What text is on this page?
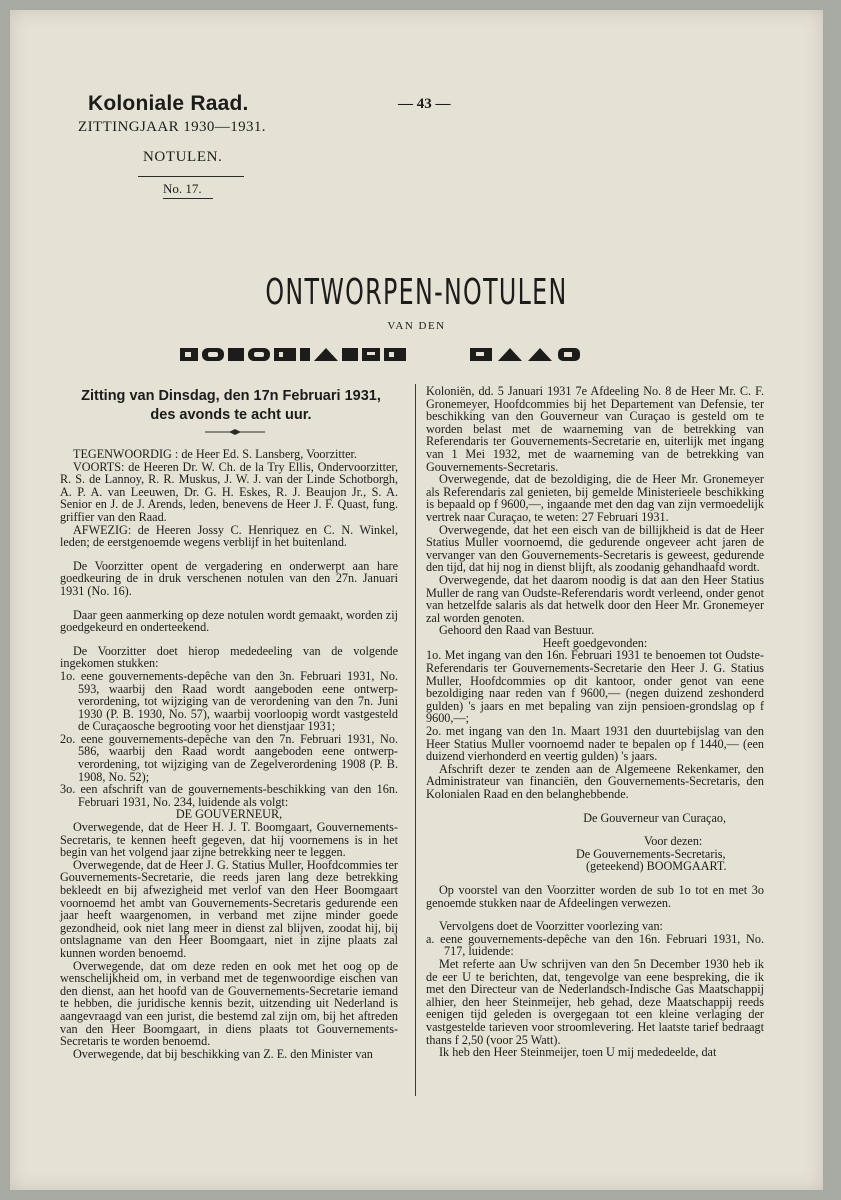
Koloniale Raad.	— 43 —
ZITTINGJAAR 1930—1931.
NOTULEN.
No. 17.
ONTWORPEN-NOTULEN
VAN DEN
Zitting van Dinsdag, den 17n Februari 1931,
des avonds te acht uur.

TEGENWOORDIG : de Heer Ed. S. Lansberg, Voorzitter.

VOORTS: de Heeren Dr. W. Ch. de la Try Ellis, Ondervoorzitter, R. S. de Lannoy, R. R. Muskus, J. W. J. van der Linde Schotborgh, A. P. A. van Leeuwen, Dr. G. H. Eskes, R. J. Beaujon Jr., S. A. Senior en J. de J. Arends, leden, benevens de Heer J. F. Quast, fung. griffier van den Raad.

AFWEZIG: de Heeren Jossy C. Henriquez en C. N. Winkel, leden; de eerstgenoemde wegens verblijf in het buitenland.

De Voorzitter opent de vergadering en onderwerpt aan hare goedkeuring de in druk verschenen notulen van den 27n. Januari 1931 (No. 16).

Daar geen aanmerking op deze notulen wordt gemaakt, worden zij goedgekeurd en onderteekend.

De Voorzitter doet hierop mededeeling van de volgende ingekomen stukken:

1o. eene gouvernements-depêche van den 3n. Februari 1931, No. 593, waarbij den Raad wordt aangeboden eene ontwerp-verordening, tot wijziging van de verordening van den 7n. Juni 1930 (P. B. 1930, No. 57), waarbij voorloopig wordt vastgesteld de Curaçaosche begrooting voor het dienstjaar 1931;

2o. eene gouvernements-depêche van den 7n. Februari 1931, No. 586, waarbij den Raad wordt aangeboden eene ontwerp-verordening, tot wijziging van de Zegelverordening 1908 (P. B. 1908, No. 52);

3o. een afschrift van de gouvernements-beschikking van den 16n. Februari 1931, No. 234, luidende als volgt:

DE GOUVERNEUR,

Overwegende, dat de Heer H. J. T. Boomgaart, Gouvernements-Secretaris, te kennen heeft gegeven, dat hij voornemens is in het begin van het volgend jaar zijne betrekking neer te leggen.

Overwegende, dat de Heer J. G. Statius Muller, Hoofdcommies ter Gouvernements-Secretarie, die reeds jaren lang deze betrekking bekleedt en bij afwezigheid met verlof van den Heer Boomgaart voornoemd het ambt van Gouvernements-Secretaris gedurende een jaar heeft waargenomen, in verband met zijne minder goede gezondheid, ook niet lang meer in dienst zal blijven, zoodat hij, bij ontslagname van den Heer Boomgaart, niet in zijne plaats zal kunnen worden benoemd.

Overwegende, dat om deze reden en ook met het oog op de wenschelijkheid om, in verband met de tegenwoordige eischen van den dienst, aan het hoofd van de Gouvernements-Secretarie iemand te hebben, die juridische kennis bezit, uitzending uit Nederland is aangevraagd van een jurist, die bestemd zal zijn om, bij het aftreden van den Heer Boomgaart, in diens plaats tot Gouvernements-Secretaris te worden benoemd.

Overwegende, dat bij beschikking van Z. E. den Minister van

Koloniën, dd. 5 Januari 1931 7e Afdeeling No. 8 de Heer Mr. C. F. Gronemeyer, Hoofdcommies bij het Departement van Defensie, ter beschikking van den Gouverneur van Curaçao is gesteld om te worden belast met de waarneming van de betrekking van Referendaris ter Gouvernements-Secretarie en, uiterlijk met ingang van 1 Mei 1932, met de waarneming van de betrekking van Gouvernements-Secretaris.

Overwegende, dat de bezoldiging, die de Heer Mr. Gronemeyer als Referendaris zal genieten, bij gemelde Ministerieele beschikking is bepaald op f 9600,—, ingaande met den dag van zijn vermoedelijk vertrek naar Curaçao, te weten: 27 Februari 1931.

Overwegende, dat het een eisch van de billijkheid is dat de Heer Statius Muller voornoemd, die gedurende ongeveer acht jaren de vervanger van den Gouvernements-Secretaris is geweest, gedurende den tijd, dat hij nog in dienst blijft, als zoodanig gehandhaafd wordt.

Overwegende, dat het daarom noodig is dat aan den Heer Statius Muller de rang van Oudste-Referendaris wordt verleend, onder genot van hetzelfde salaris als dat hetwelk door den Heer Mr. Gronemeyer zal worden genoten.

Gehoord den Raad van Bestuur.

Heeft goedgevonden:

1o. Met ingang van den 16n. Februari 1931 te benoemen tot Oudste-Referendaris ter Gouvernements-Secretarie den Heer J. G. Statius Muller, Hoofdcommies op dit kantoor, onder genot van eene bezoldiging naar reden van f 9600,— (negen duizend zeshonderd gulden) 's jaars en met bepaling van zijn pensioen-grondslag op f 9600,—;

2o. met ingang van den 1n. Maart 1931 den duurtebijslag van den Heer Statius Muller voornoemd nader te bepalen op f 1440,— (een duizend vierhonderd en veertig gulden) 's jaars.

Afschrift dezer te zenden aan de Algemeene Rekenkamer, den Administrateur van financiën, den Gouvernements-Secretaris, den Kolonialen Raad en den belanghebbende.

De Gouverneur van Curaçao,

Voor dezen:

De Gouvernements-Secretaris,

(geteekend) BOOMGAART.

Op voorstel van den Voorzitter worden de sub 1o tot en met 3o genoemde stukken naar de Afdeelingen verwezen.

Vervolgens doet de Voorzitter voorlezing van:

a. eene gouvernements-depêche van den 16n. Februari 1931, No. 717, luidende:

Met referte aan Uw schrijven van den 5n December 1930 heb ik de eer U te berichten, dat, tengevolge van eene bespreking, die ik met den Directeur van de Nederlandsch-Indische Gas Maatschappij alhier, den heer Steinmeijer, heb gehad, deze Maatschappij reeds eenigen tijd geleden is overgegaan tot een kleine verlaging der vastgestelde tarieven voor stroomlevering. Het laatste tarief bedraagt thans f 2,50 (voor 25 Watt).

Ik heb den Heer Steinmeijer, toen U mij mededeelde, dat
